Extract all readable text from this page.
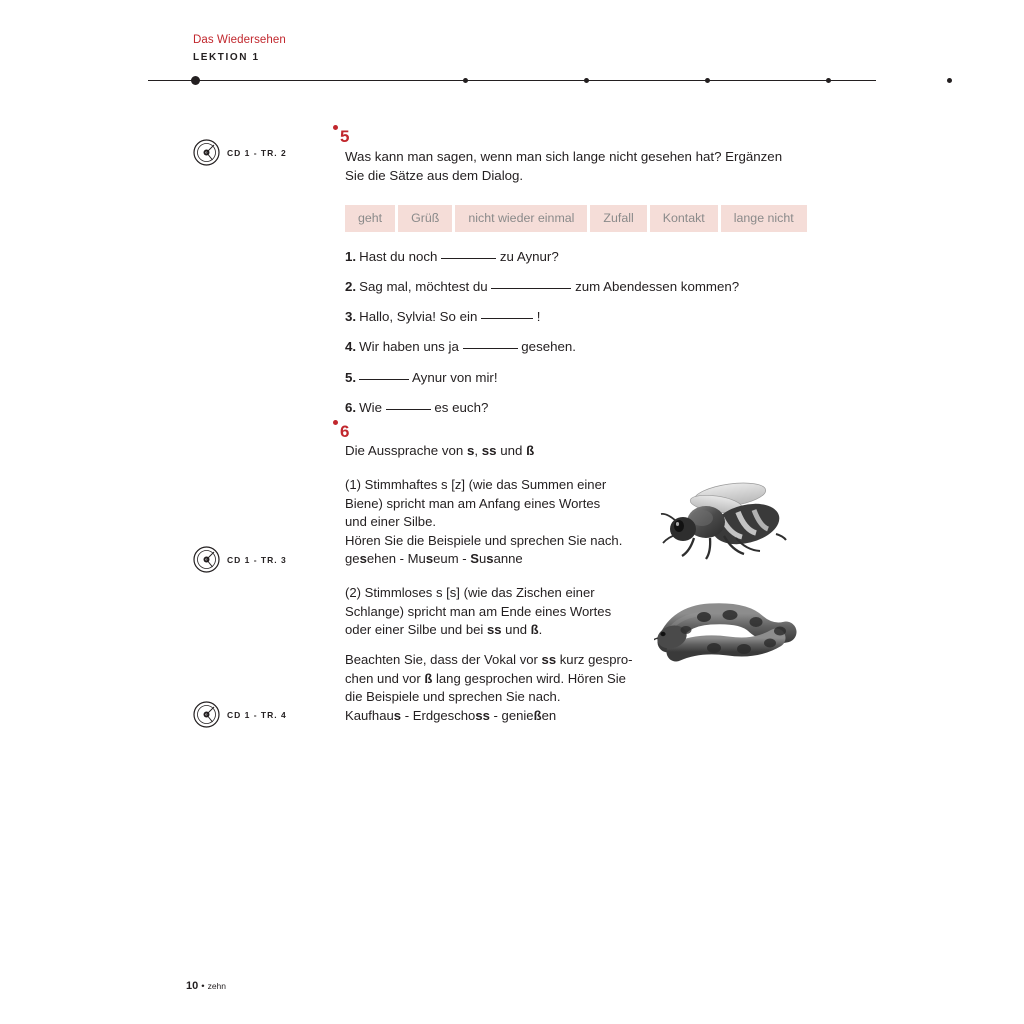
Das Wiedersehen
LEKTION 1
CD 1 - TR. 2
5
Was kann man sagen, wenn man sich lange nicht gesehen hat? Ergänzen Sie die Sätze aus dem Dialog.
geht	Grüß	nicht wieder einmal	Zufall	Kontakt	lange nicht
1. Hast du noch	zu Aynur?
2. Sag mal, möchtest du	zum Abendessen kommen?
3. Hallo, Sylvia! So ein	!
4. Wir haben uns ja	gesehen.
5.	Aynur von mir!
6. Wie	es euch?
6
Die Aussprache von s, ss und ß
(1) Stimmhaftes s [z] (wie das Summen einer
Biene) spricht man am Anfang eines Wortes
und einer Silbe.
Hören Sie die Beispiele und sprechen Sie nach.
gesehen - Museum - Susanne
(2) Stimmloses s [s] (wie das Zischen einer
Schlange) spricht man am Ende eines Wortes
oder einer Silbe und bei ss und ß.
Beachten Sie, dass der Vokal vor ss kurz gespro-
chen und vor ß lang gesprochen wird. Hören Sie
die Beispiele und sprechen Sie nach.
Kaufhaus - Erdgeschoss - genießen
CD 1 - TR. 3
CD 1 - TR. 4
10 • zehn
